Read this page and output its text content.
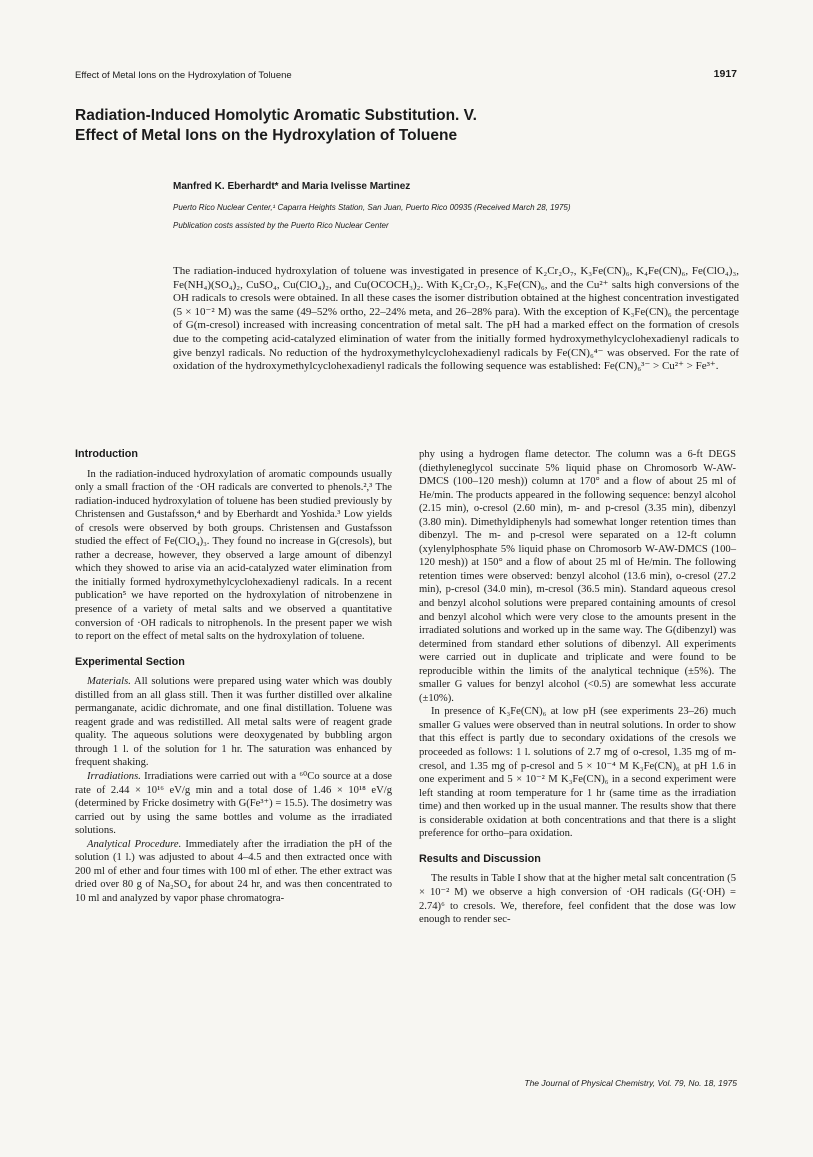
Effect of Metal Ions on the Hydroxylation of Toluene	1917
Radiation-Induced Homolytic Aromatic Substitution. V.
Effect of Metal Ions on the Hydroxylation of Toluene
Manfred K. Eberhardt* and Maria Ivelisse Martinez
Puerto Rico Nuclear Center,¹ Caparra Heights Station, San Juan, Puerto Rico 00935 (Received March 28, 1975)
Publication costs assisted by the Puerto Rico Nuclear Center
The radiation-induced hydroxylation of toluene was investigated in presence of K₂Cr₂O₇, K₃Fe(CN)₆, K₄Fe(CN)₆, Fe(ClO₄)₃, Fe(NH₄)(SO₄)₂, CuSO₄, Cu(ClO₄)₂, and Cu(OCOCH₃)₂. With K₂Cr₂O₇, K₃Fe(CN)₆, and the Cu²⁺ salts high conversions of the OH radicals to cresols were obtained. In all these cases the isomer distribution obtained at the highest concentration investigated (5 × 10⁻² M) was the same (49–52% ortho, 22–24% meta, and 26–28% para). With the exception of K₃Fe(CN)₆ the percentage of G(m-cresol) increased with increasing concentration of metal salt. The pH had a marked effect on the formation of cresols due to the competing acid-catalyzed elimination of water from the initially formed hydroxymethylcyclohexadienyl radicals to give benzyl radicals. No reduction of the hydroxymethylcyclohexadienyl radicals by Fe(CN)₆⁴⁻ was observed. For the rate of oxidation of the hydroxymethylcyclohexadienyl radicals the following sequence was established: Fe(CN)₆³⁻ > Cu²⁺ > Fe³⁺.
Introduction

In the radiation-induced hydroxylation of aromatic compounds usually only a small fraction of the ·OH radicals are converted to phenols.²,³ The radiation-induced hydroxylation of toluene has been studied previously by Christensen and Gustafsson,⁴ and by Eberhardt and Yoshida.³ Low yields of cresols were observed by both groups. Christensen and Gustafsson studied the effect of Fe(ClO₄)₃. They found no increase in G(cresols), but rather a decrease, however, they observed a large amount of dibenzyl which they showed to arise via an acid-catalyzed water elimination from the initially formed hydroxymethylcyclohexadienyl radicals. In a recent publication⁵ we have reported on the hydroxylation of nitrobenzene in presence of a variety of metal salts and we observed a quantitative conversion of ·OH radicals to nitrophenols. In the present paper we wish to report on the effect of metal salts on the hydroxylation of toluene.

Experimental Section

Materials. All solutions were prepared using water which was doubly distilled from an all glass still. Then it was further distilled over alkaline permanganate, acidic dichromate, and one final distillation. Toluene was reagent grade and was redistilled. All metal salts were of reagent grade quality. The aqueous solutions were deoxygenated by bubbling argon through 1 l. of the solution for 1 hr. The saturation was enhanced by frequent shaking.

Irradiations. Irradiations were carried out with a ⁶⁰Co source at a dose rate of 2.44 × 10¹⁶ eV/g min and a total dose of 1.46 × 10¹⁸ eV/g (determined by Fricke dosimetry with G(Fe³⁺) = 15.5). The dosimetry was carried out by using the same bottles and volume as the irradiated solutions.

Analytical Procedure. Immediately after the irradiation the pH of the solution (1 l.) was adjusted to about 4–4.5 and then extracted once with 200 ml of ether and four times with 100 ml of ether. The ether extract was dried over 80 g of Na₂SO₄ for about 24 hr, and was then concentrated to 10 ml and analyzed by vapor phase chromatogra-

phy using a hydrogen flame detector. The column was a 6-ft DEGS (diethyleneglycol succinate 5% liquid phase on Chromosorb W-AW-DMCS (100–120 mesh)) column at 170° and a flow of about 25 ml of He/min. The products appeared in the following sequence: benzyl alcohol (2.15 min), o-cresol (2.60 min), m- and p-cresol (3.35 min), dibenzyl (3.80 min). Dimethyldiphenyls had somewhat longer retention times than dibenzyl. The m- and p-cresol were separated on a 12-ft column (xylenylphosphate 5% liquid phase on Chromosorb W-AW-DMCS (100–120 mesh)) at 150° and a flow of about 25 ml of He/min. The following retention times were observed: benzyl alcohol (13.6 min), o-cresol (27.2 min), p-cresol (34.0 min), m-cresol (36.5 min). Standard aqueous cresol and benzyl alcohol solutions were prepared containing amounts of cresol and benzyl alcohol which were very close to the amounts present in the irradiated solutions and worked up in the same way. The G(dibenzyl) was determined from standard ether solutions of dibenzyl. All experiments were carried out in duplicate and triplicate and were found to be reproducible within the limits of the analytical technique (±5%). The smaller G values for benzyl alcohol (<0.5) are somewhat less accurate (±10%).

In presence of K₃Fe(CN)₆ at low pH (see experiments 23–26) much smaller G values were observed than in neutral solutions. In order to show that this effect is partly due to secondary oxidations of the cresols we proceeded as follows: 1 l. solutions of 2.7 mg of o-cresol, 1.35 mg of m-cresol, and 1.35 mg of p-cresol and 5 × 10⁻⁴ M K₃Fe(CN)₆ at pH 1.6 in one experiment and 5 × 10⁻² M K₃Fe(CN)₆ in a second experiment were left standing at room temperature for 1 hr (same time as the irradiation time) and then worked up in the usual manner. The results show that there is considerable oxidation at both concentrations and that there is a slight preference for ortho–para oxidation.

Results and Discussion

The results in Table I show that at the higher metal salt concentration (5 × 10⁻² M) we observe a high conversion of ·OH radicals (G(·OH) = 2.74)⁶ to cresols. We, therefore, feel confident that the dose was low enough to render sec-

The Journal of Physical Chemistry, Vol. 79, No. 18, 1975
